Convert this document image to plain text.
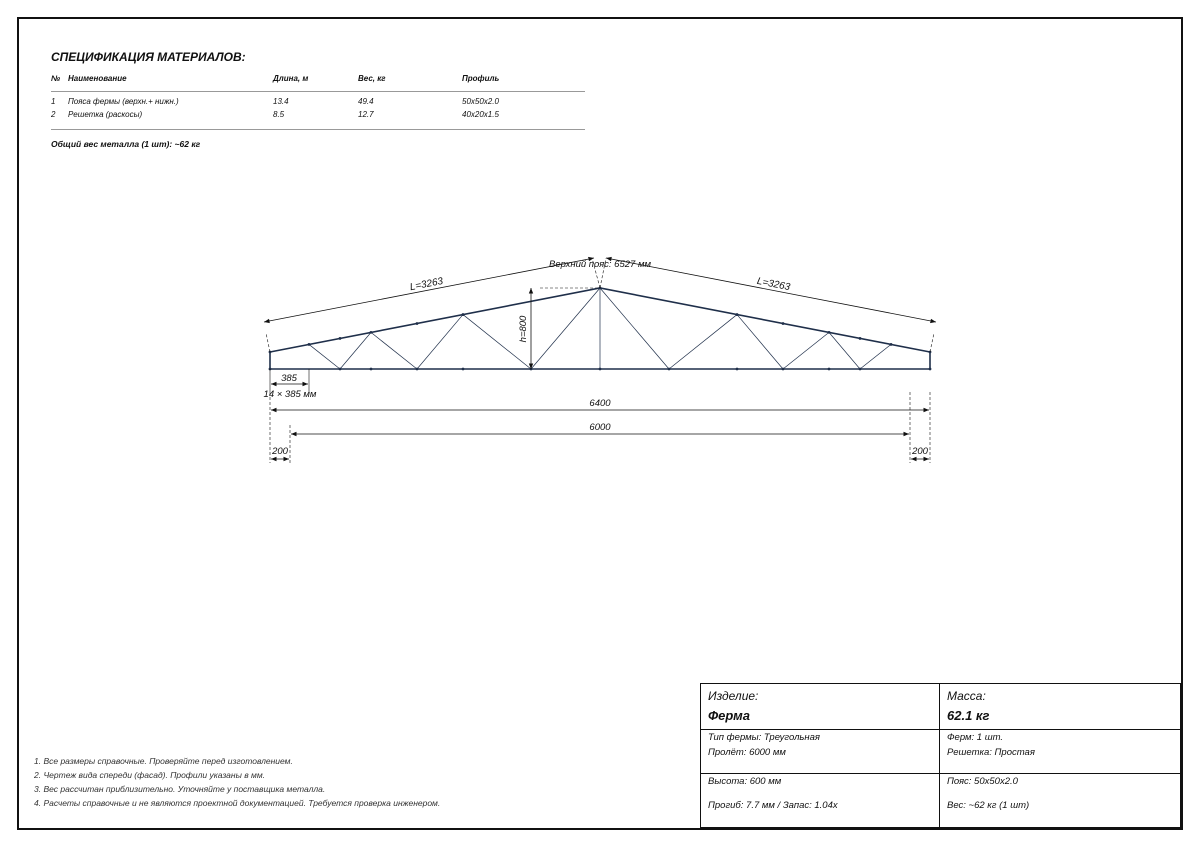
СПЕЦИФИКАЦИЯ МАТЕРИАЛОВ:
№ Наименование	Длина, м	Вес, кг	Профиль
1 Пояса фермы (верхн.+ нижн.)	13.4	49.4	50x50x2.0
2 Решетка (раскосы)	8.5	12.7	40x20x1.5
Общий вес металла (1 шт): ~62 кг
L=3263	L=3263
Верхний пояс: 6527 мм
h=800
385
14 × 385 мм
6400
6000
200	200
1. Все размеры справочные. Проверяйте перед изготовлением.
2. Чертеж вида спереди (фасад). Профили указаны в мм.
3. Вес рассчитан приблизительно. Уточняйте у поставщика металла.
4. Расчеты справочные и не являются проектной документацией. Требуется проверка инженером.
Изделие:
Ферма
Масса:
62.1 кг
Тип фермы: Треугольная
Пролёт: 6000 мм
Ферм: 1 шт.
Решетка: Простая
Высота: 600 мм
Прогиб: 7.7 мм / Запас: 1.04x
Пояс: 50x50x2.0
Вес: ~62 кг (1 шт)
